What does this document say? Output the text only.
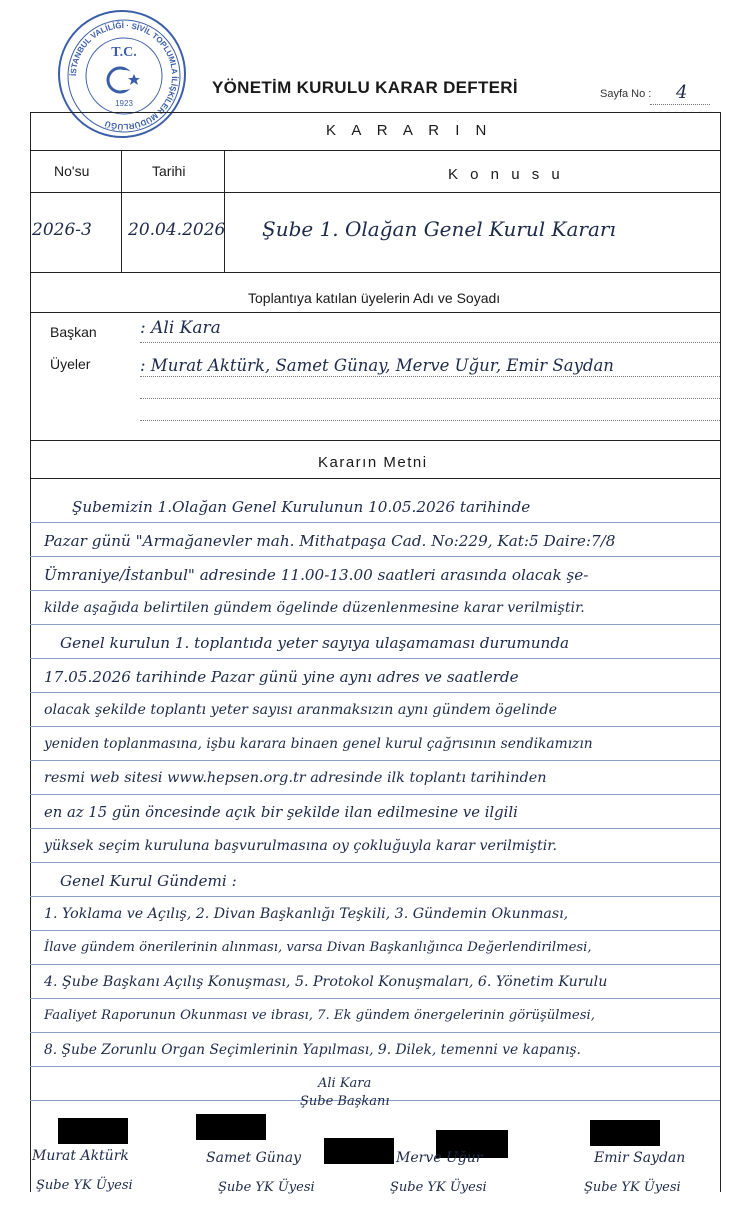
İSTANBUL VALİLİĞİ · SİVİL TOPLUMLA İLİŞKİLER MÜDÜRLÜĞÜ
T.C.
1923
YÖNETİM KURULU KARAR DEFTERİ	Sayfa No : 4
K A R A R I N
No'su	Tarihi	K o n u s u
2026-3 20.04.2026 Şube 1. Olağan Genel Kurul Kararı
Toplantıya katılan üyelerin Adı ve Soyadı
Başkan	: Ali Kara
Üyeler	: Murat Aktürk, Samet Günay, Merve Uğur, Emir Saydan
Kararın Metni
Şubemizin 1.Olağan Genel Kurulunun 10.05.2026 tarihinde
Pazar günü "Armağanevler mah. Mithatpaşa Cad. No:229, Kat:5 Daire:7/8
Ümraniye/İstanbul" adresinde 11.00-13.00 saatleri arasında olacak şe-
kilde aşağıda belirtilen gündem ögelinde düzenlenmesine karar verilmiştir.
Genel kurulun 1. toplantıda yeter sayıya ulaşamaması durumunda
17.05.2026 tarihinde Pazar günü yine aynı adres ve saatlerde
olacak şekilde toplantı yeter sayısı aranmaksızın aynı gündem ögelinde
yeniden toplanmasına, işbu karara binaen genel kurul çağrısının sendikamızın
resmi web sitesi www.hepsen.org.tr adresinde ilk toplantı tarihinden
en az 15 gün öncesinde açık bir şekilde ilan edilmesine ve ilgili
yüksek seçim kuruluna başvurulmasına oy çokluğuyla karar verilmiştir.
Genel Kurul Gündemi :
1. Yoklama ve Açılış, 2. Divan Başkanlığı Teşkili, 3. Gündemin Okunması,
İlave gündem önerilerinin alınması, varsa Divan Başkanlığınca Değerlendirilmesi,
4. Şube Başkanı Açılış Konuşması, 5. Protokol Konuşmaları, 6. Yönetim Kurulu
Faaliyet Raporunun Okunması ve ibrası, 7. Ek gündem önergelerinin görüşülmesi,
8. Şube Zorunlu Organ Seçimlerinin Yapılması, 9. Dilek, temenni ve kapanış.
Ali Kara
Şube Başkanı
Murat Aktürk
Şube YK Üyesi
Samet Günay
Şube YK Üyesi
Merve Uğur
Şube YK Üyesi
Emir Saydan
Şube YK Üyesi
